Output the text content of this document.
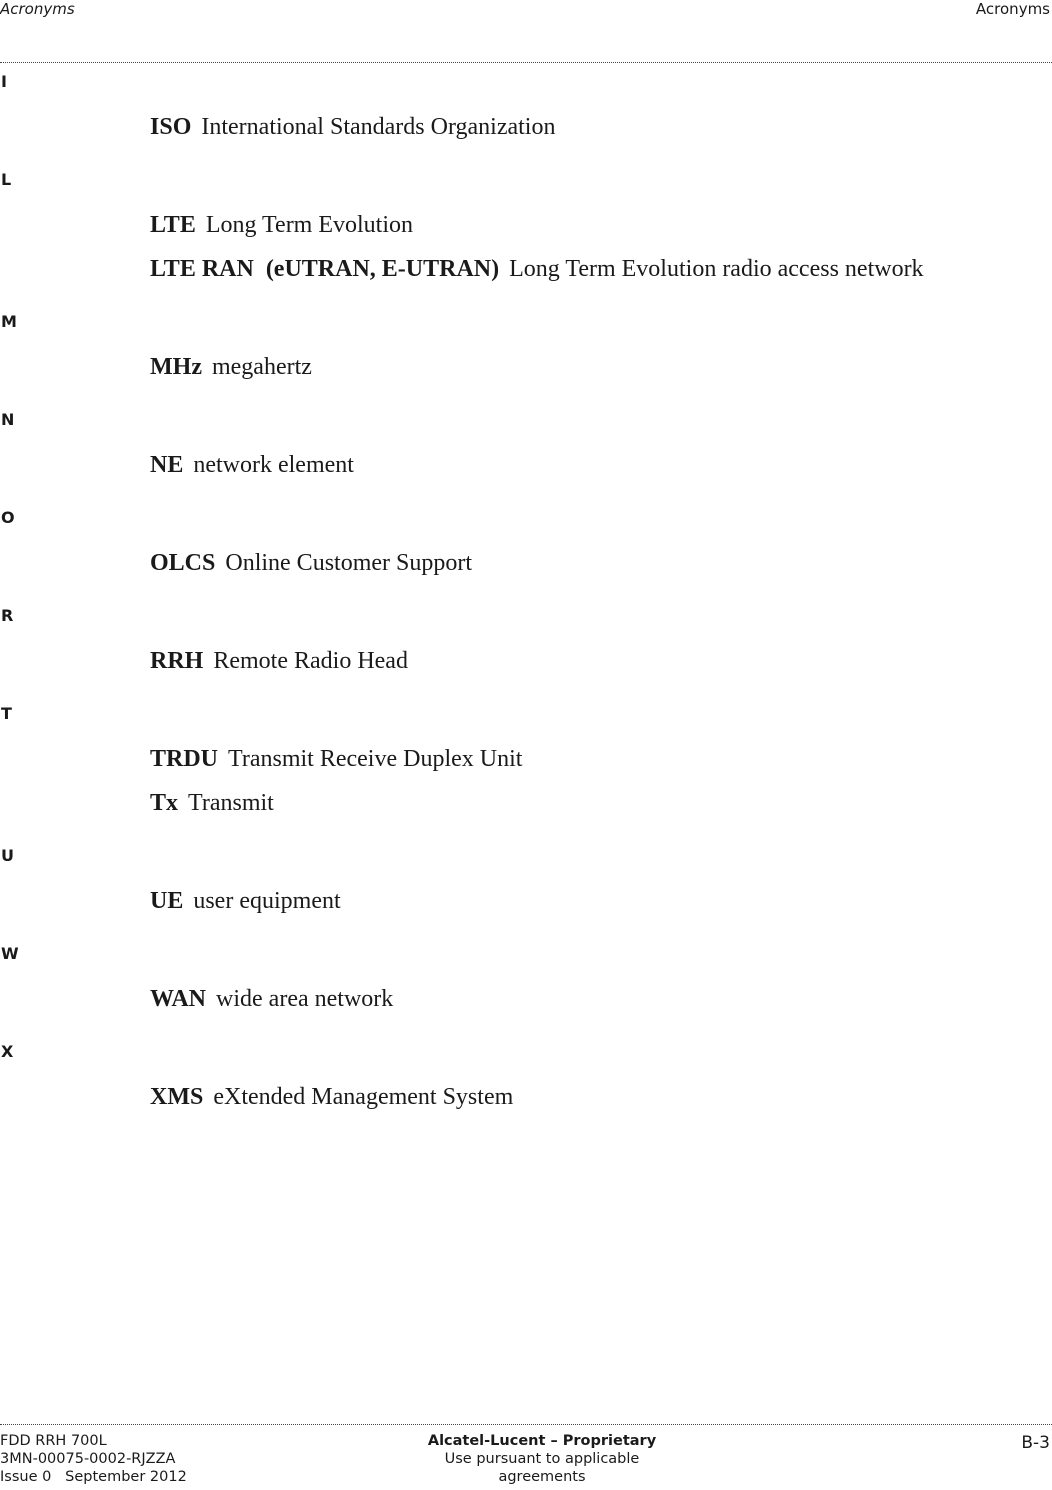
Acronyms	Acronyms
I
ISO International Standards Organization
L
LTE Long Term Evolution
LTE RAN  (eUTRAN, E-UTRAN) Long Term Evolution radio access network
M
MHz megahertz
N
NE network element
O
OLCS Online Customer Support
R
RRH Remote Radio Head
T
TRDU Transmit Receive Duplex Unit
Tx Transmit
U
UE user equipment
W
WAN wide area network
X
XMS eXtended Management System
FDD RRH 700L
3MN-00075-0002-RJZZA
Issue 0   September 2012
Alcatel-Lucent – Proprietary
Use pursuant to applicable agreements
B-3
